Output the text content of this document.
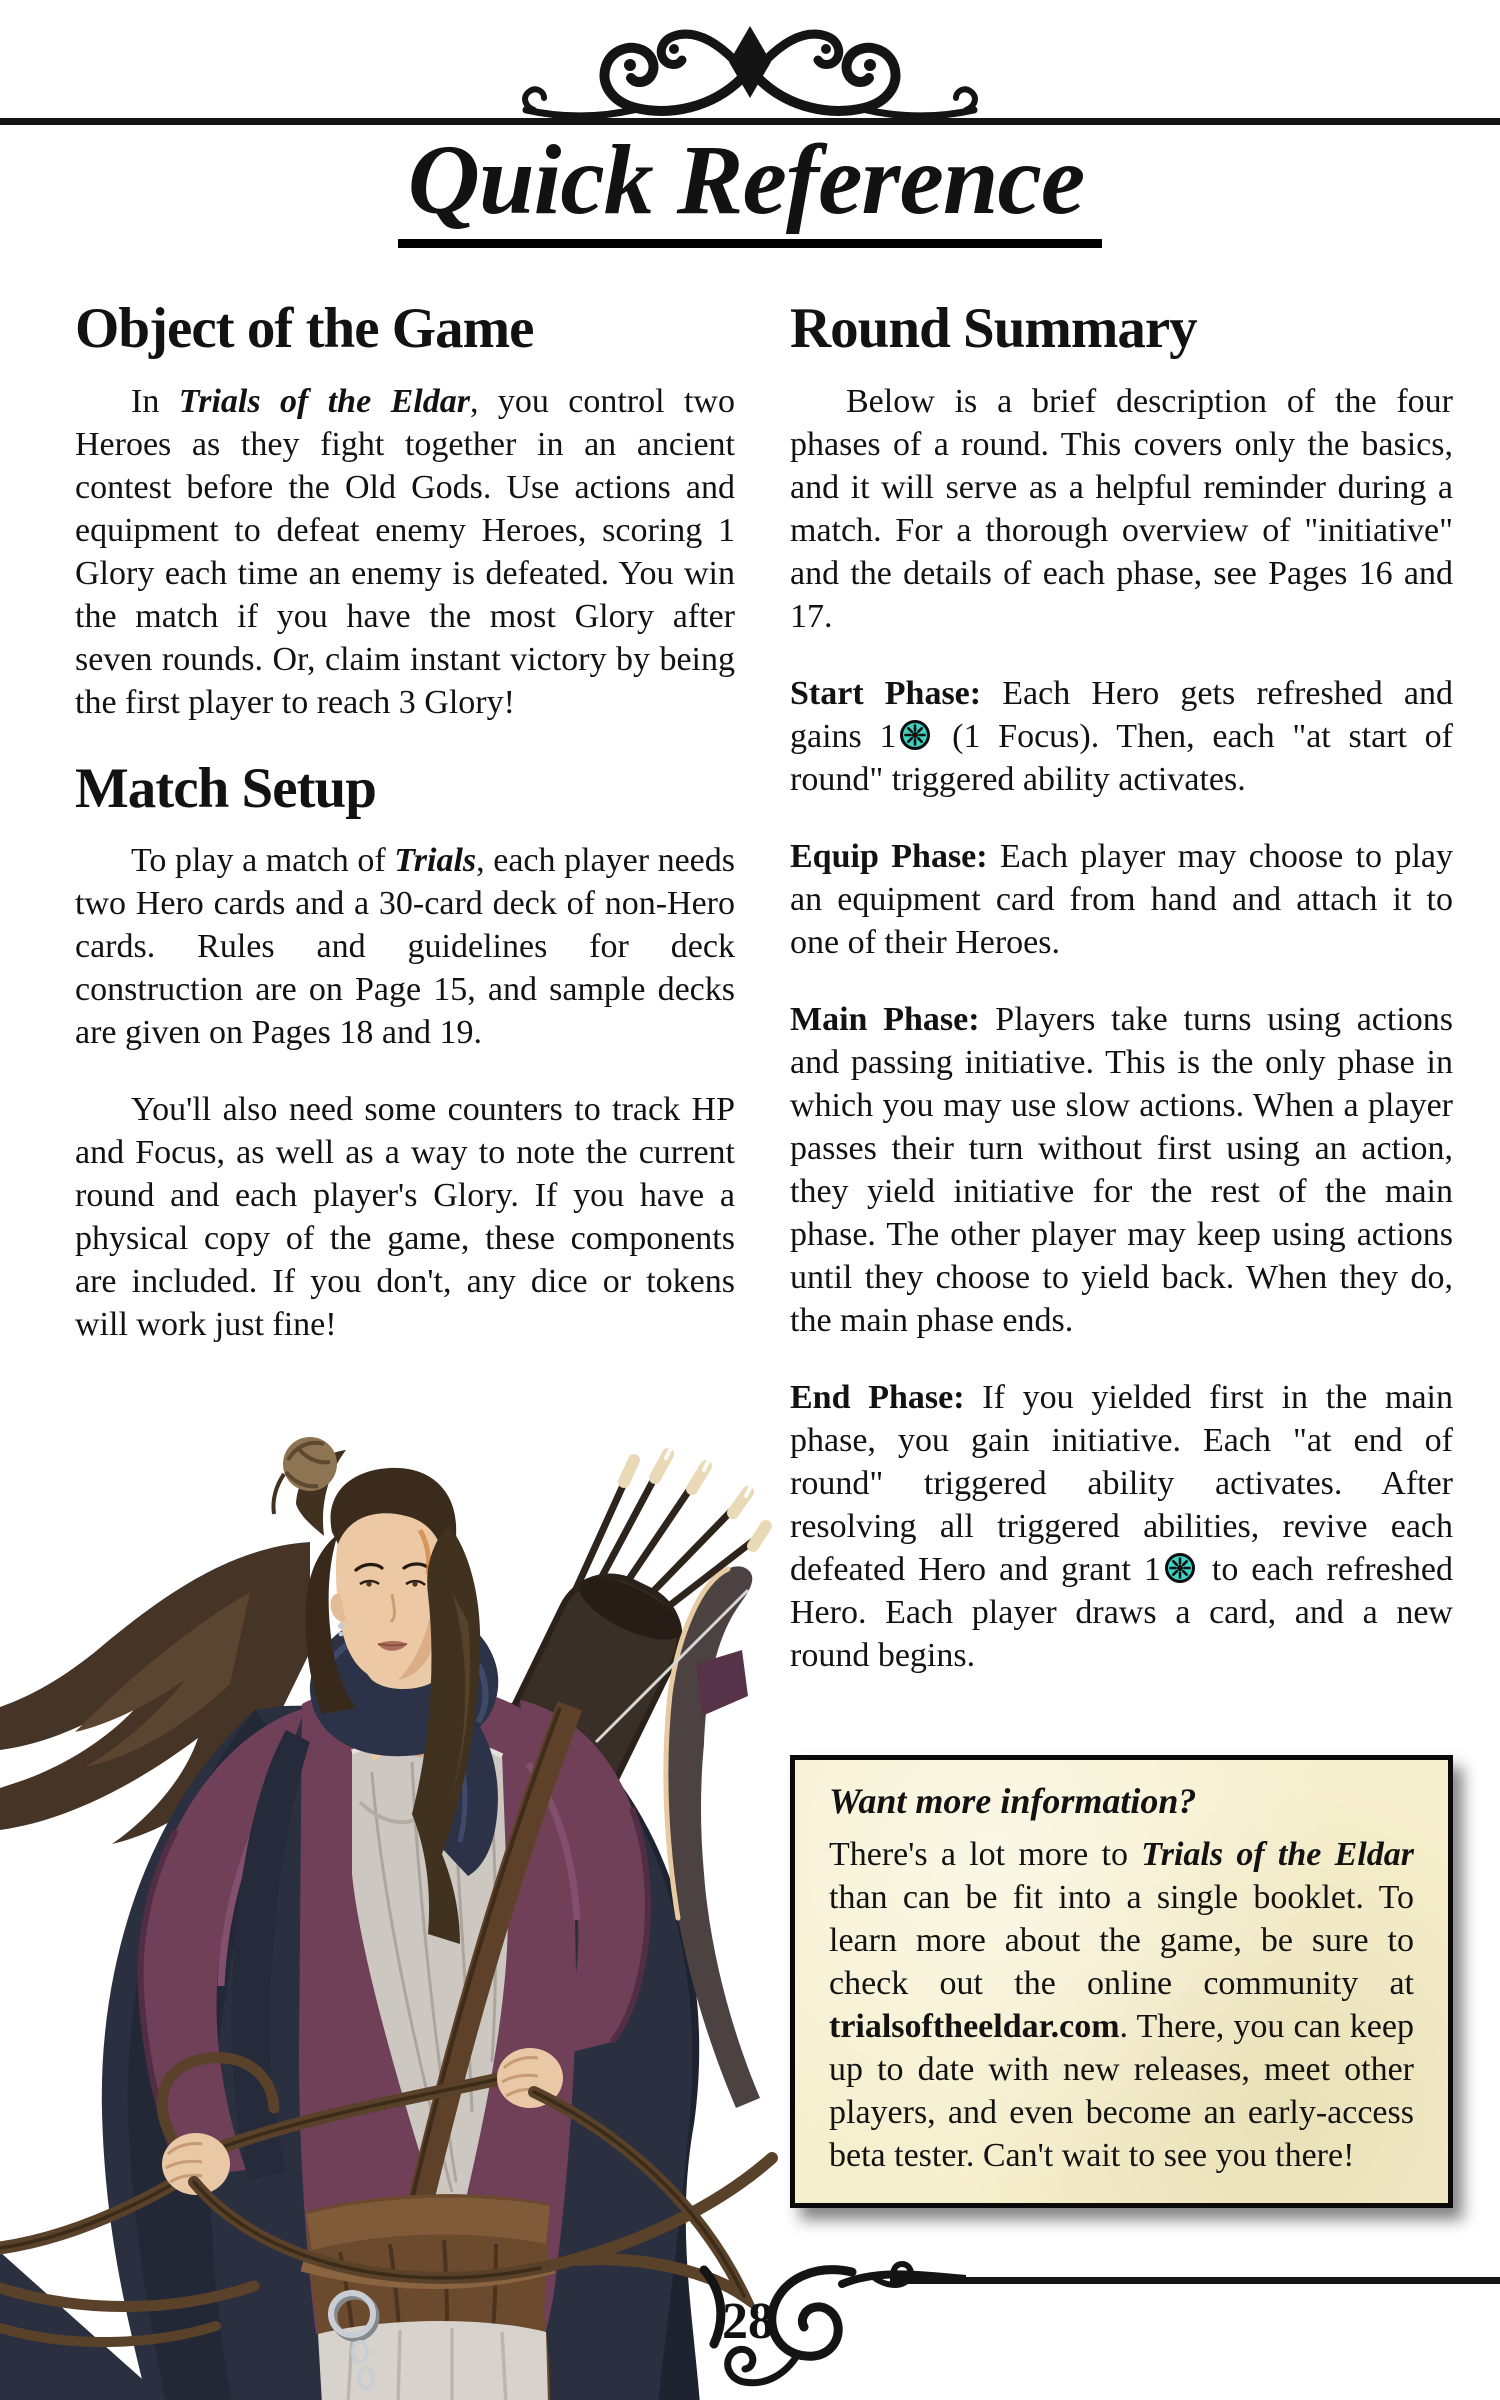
Quick Reference
Object of the Game

In Trials of the Eldar, you control two Heroes as they fight together in an ancient contest before the Old Gods. Use actions and equipment to defeat enemy Heroes, scoring 1 Glory each time an enemy is defeated. You win the match if you have the most Glory after seven rounds. Or, claim instant victory by being the first player to reach 3 Glory!

Match Setup

To play a match of Trials, each player needs two Hero cards and a 30-card deck of non-Hero cards. Rules and guidelines for deck construction are on Page 15, and sample decks are given on Pages 18 and 19.

You'll also need some counters to track HP and Focus, as well as a way to note the current round and each player's Glory. If you have a physical copy of the game, these components are included. If you don't, any dice or tokens will work just fine!

Round Summary

Below is a brief description of the four phases of a round. This covers only the basics, and it will serve as a helpful reminder during a match. For a thorough overview of "initiative" and the details of each phase, see Pages 16 and 17.

Start Phase: Each Hero gets refreshed and gains 1 (1 Focus). Then, each "at start of round" triggered ability activates.

Equip Phase: Each player may choose to play an equipment card from hand and attach it to one of their Heroes.

Main Phase: Players take turns using actions and passing initiative. This is the only phase in which you may use slow actions. When a player passes their turn without first using an action, they yield initiative for the rest of the main phase. The other player may keep using actions until they choose to yield back. When they do, the main phase ends.

End Phase: If you yielded first in the main phase, you gain initiative. Each "at end of round" triggered ability activates. After resolving all triggered abilities, revive each defeated Hero and grant 1 to each refreshed Hero. Each player draws a card, and a new round begins.

Want more information?

There's a lot more to Trials of the Eldar than can be fit into a single booklet. To learn more about the game, be sure to check out the online community at trialsoftheeldar.com. There, you can keep up to date with new releases, meet other players, and even become an early-access beta tester. Can't wait to see you there!

28
